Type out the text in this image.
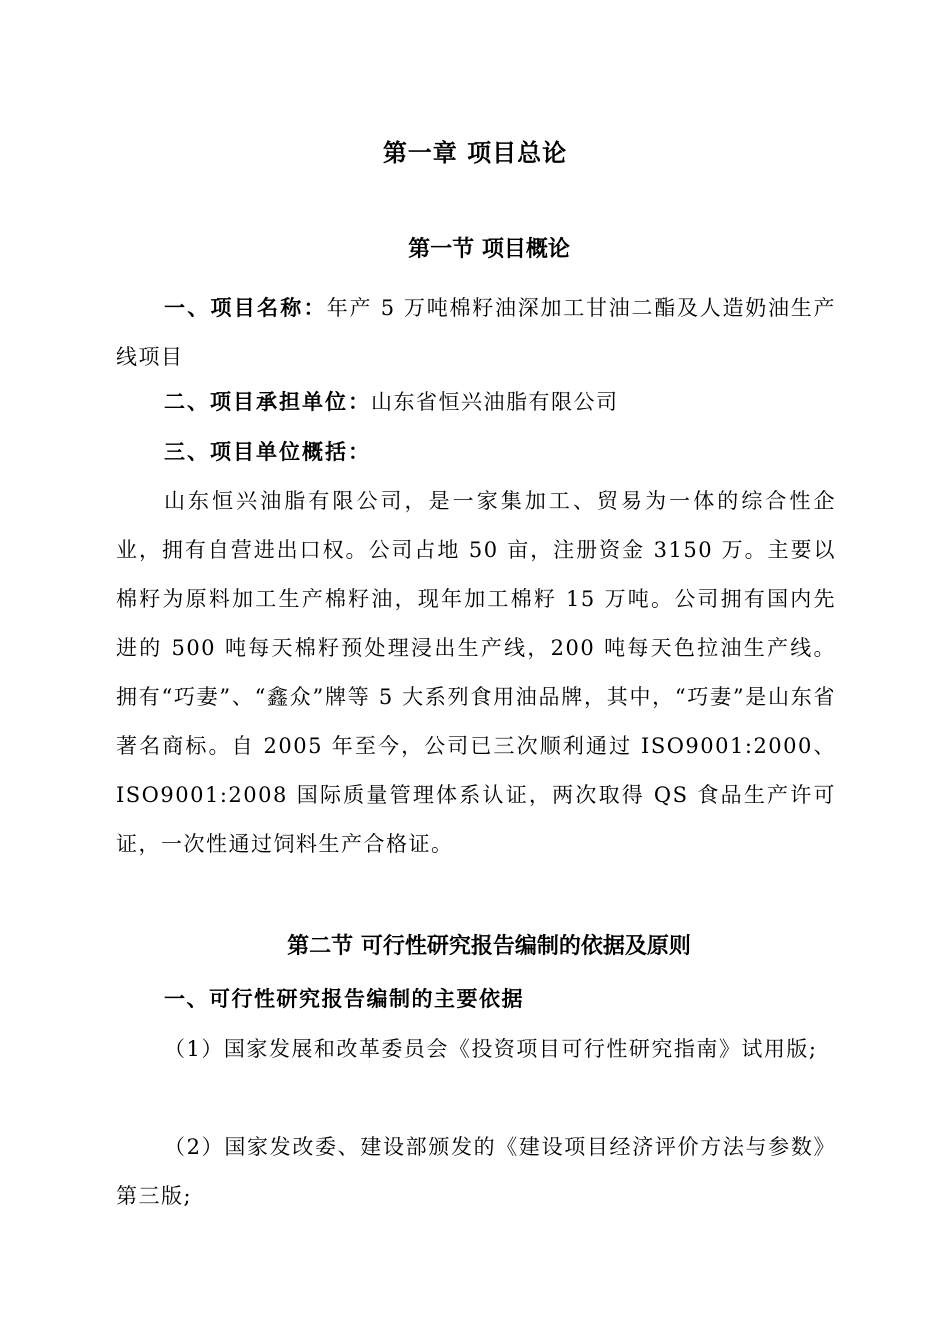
第一章 项目总论
第一节 项目概论

一、项目名称：年产 5 万吨棉籽油深加工甘油二酯及人造奶油生产线项目

二、项目承担单位：山东省恒兴油脂有限公司

三、项目单位概括：

山东恒兴油脂有限公司，是一家集加工、贸易为一体的综合性企业，拥有自营进出口权。公司占地 50 亩，注册资金 3150 万。主要以棉籽为原料加工生产棉籽油，现年加工棉籽 15 万吨。公司拥有国内先进的 500 吨每天棉籽预处理浸出生产线，200 吨每天色拉油生产线。拥有“巧妻”、“鑫众”牌等 5 大系列食用油品牌，其中，“巧妻”是山东省著名商标。自 2005 年至今，公司已三次顺利通过 ISO9001:2000、ISO9001:2008 国际质量管理体系认证，两次取得 QS 食品生产许可证，一次性通过饲料生产合格证。

第二节 可行性研究报告编制的依据及原则
一、可行性研究报告编制的主要依据

（1）国家发展和改革委员会《投资项目可行性研究指南》试用版;

（2）国家发改委、建设部颁发的《建设项目经济评价方法与参数》第三版;
